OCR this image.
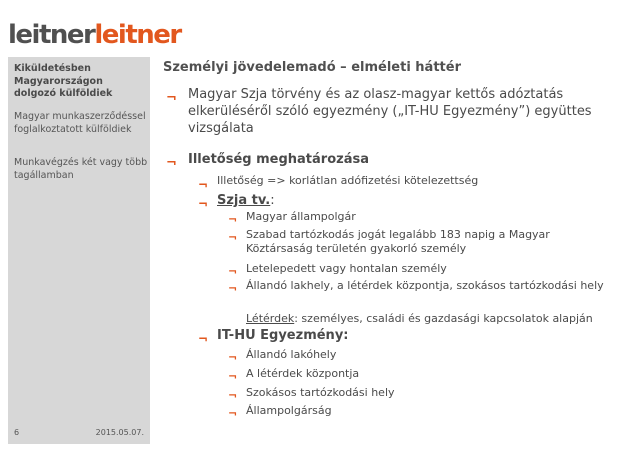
leitnerleitner
Kiküldetésben Magyarországon dolgozó külföldiek
Magyar munkaszerződéssel foglalkoztatott külföldiek
Munkavégzés két vagy több tagállamban
6	2015.05.07.
Személyi jövedelemadó – elméleti háttér
¬ Magyar Szja törvény és az olasz-magyar kettős adóztatás elkerüléséről szóló egyezmény („IT-HU Egyezmény”) együttes vizsgálata
¬ Illetőség meghatározása
¬ Illetőség => korlátlan adófizetési kötelezettség
¬ Szja tv.:
¬ Magyar állampolgár
¬ Szabad tartózkodás jogát legalább 183 napig a Magyar Köztársaság területén gyakorló személy
¬ Letelepedett vagy hontalan személy
¬ Állandó lakhely, a létérdek központja, szokásos tartózkodási hely
Létérdek: személyes, családi és gazdasági kapcsolatok alapján
¬ IT-HU Egyezmény:
¬ Állandó lakóhely
¬ A létérdek központja
¬ Szokásos tartózkodási hely
¬ Állampolgárság
